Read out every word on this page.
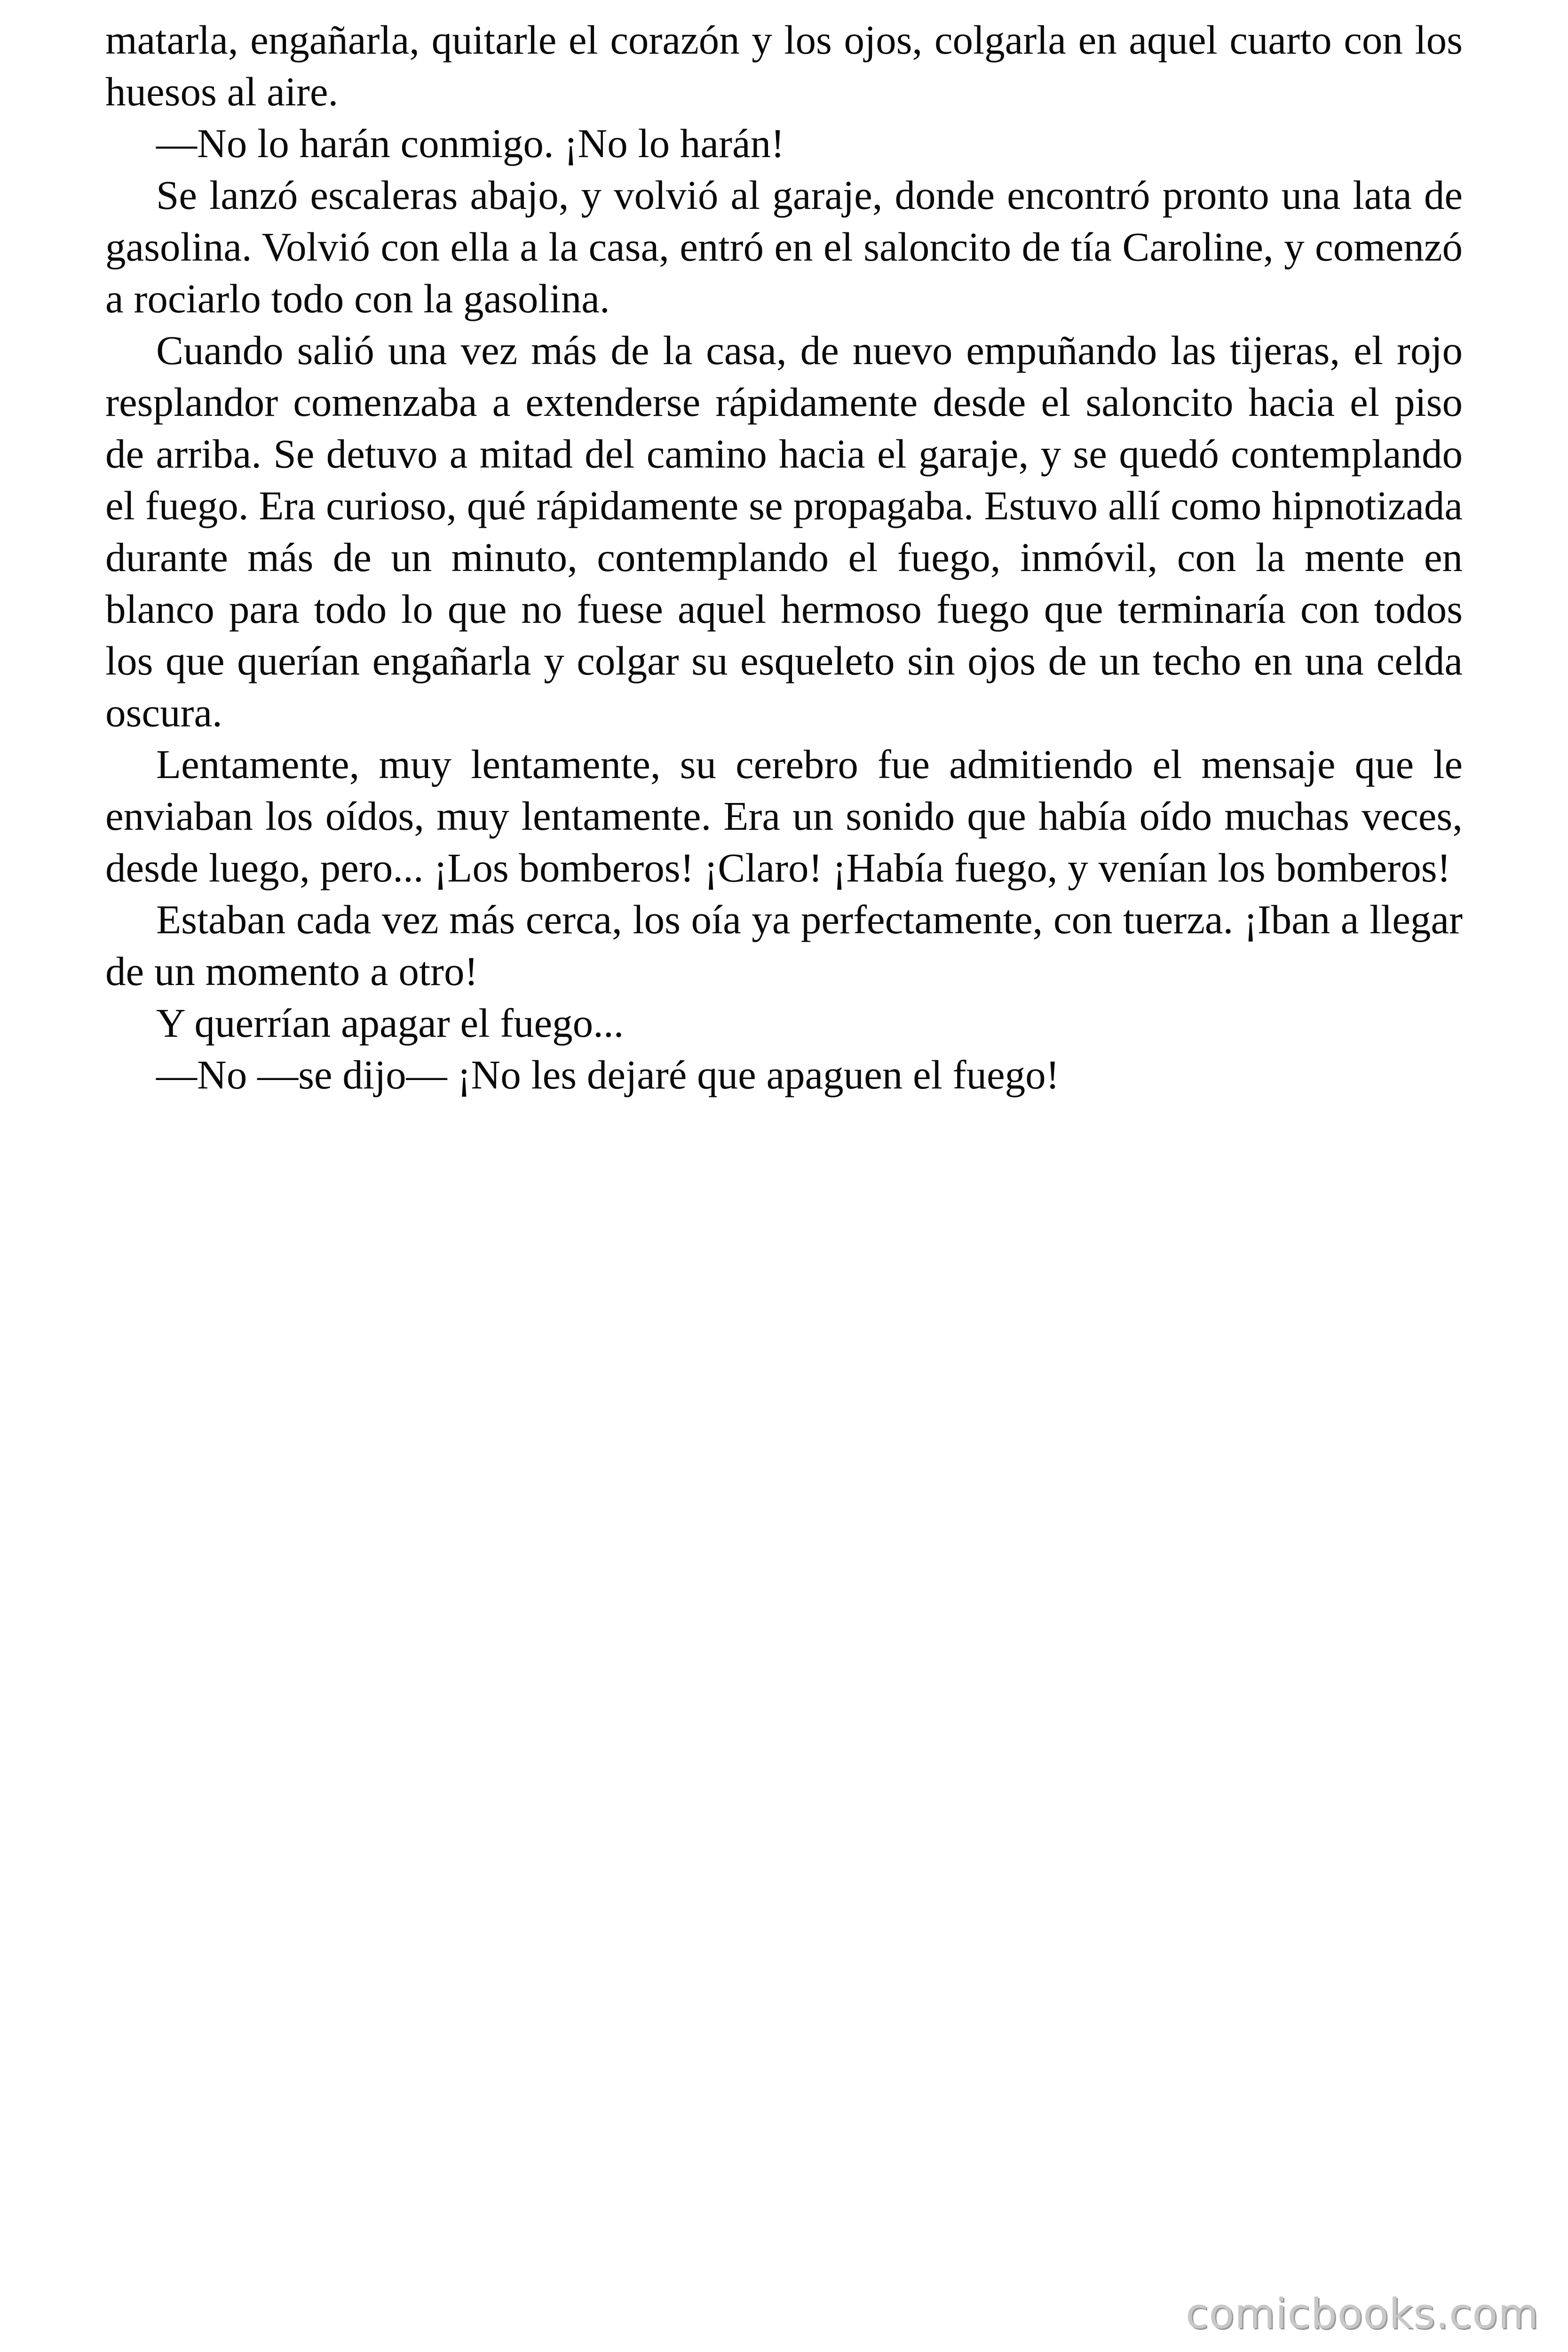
matarla, engañarla, quitarle el corazón y los ojos, colgarla en aquel cuarto con los huesos al aire.

—No lo harán conmigo. ¡No lo harán!

Se lanzó escaleras abajo, y volvió al garaje, donde encontró pronto una lata de gasolina. Volvió con ella a la casa, entró en el saloncito de tía Caroline, y comenzó a rociarlo todo con la gasolina.

Cuando salió una vez más de la casa, de nuevo empuñando las tijeras, el rojo resplandor comenzaba a extenderse rápidamente desde el saloncito hacia el piso de arriba. Se detuvo a mitad del camino hacia el garaje, y se quedó contemplando el fuego. Era curioso, qué rápidamente se propagaba. Estuvo allí como hipnotizada durante más de un minuto, contemplando el fuego, inmóvil, con la mente en blanco para todo lo que no fuese aquel hermoso fuego que terminaría con todos los que querían engañarla y colgar su esqueleto sin ojos de un techo en una celda oscura.

Lentamente, muy lentamente, su cerebro fue admitiendo el mensaje que le enviaban los oídos, muy lentamente. Era un sonido que había oído muchas veces, desde luego, pero... ¡Los bomberos! ¡Claro! ¡Había fuego, y venían los bomberos!

Estaban cada vez más cerca, los oía ya perfectamente, con tuerza. ¡Iban a llegar de un momento a otro!

Y querrían apagar el fuego...

—No —se dijo— ¡No les dejaré que apaguen el fuego!

comicbooks.com
